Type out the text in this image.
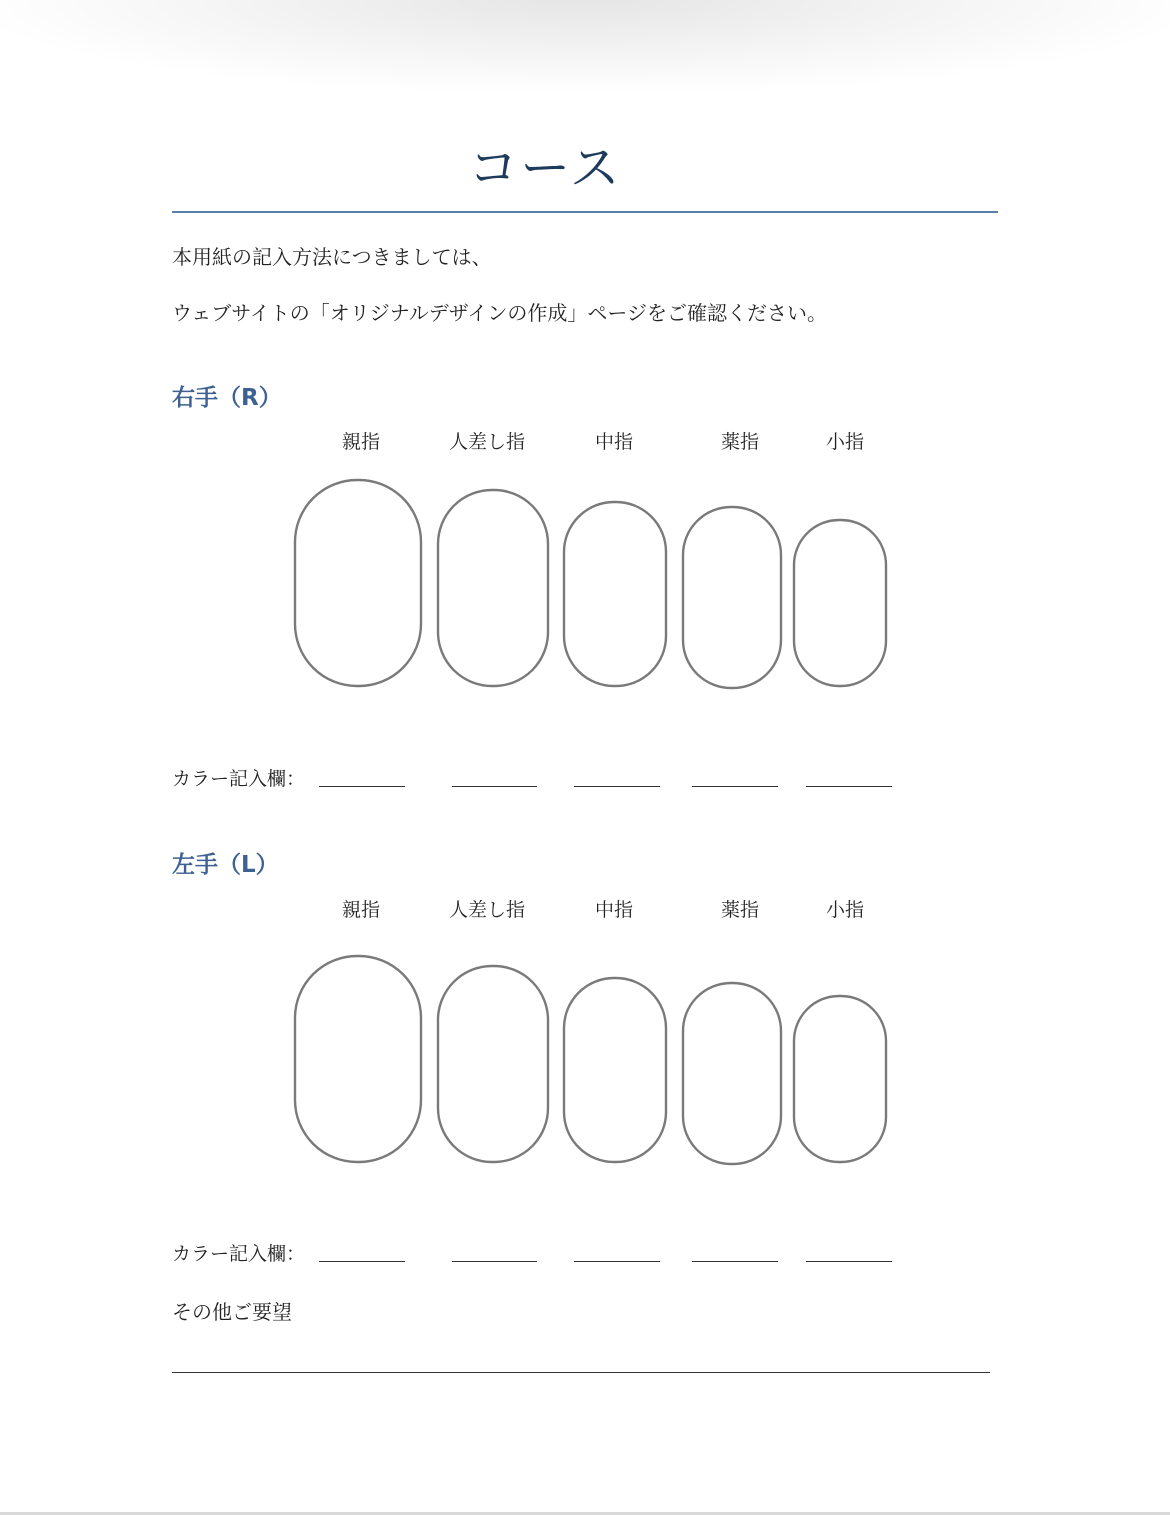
コース
本用紙の記入方法につきましては、
ウェブサイトの「オリジナルデザインの作成」ページをご確認ください。
右手（R）
親指	人差し指	中指	薬指	小指
カラー記入欄：
左手（L）
親指	人差し指	中指	薬指	小指
カラー記入欄：
その他ご要望
